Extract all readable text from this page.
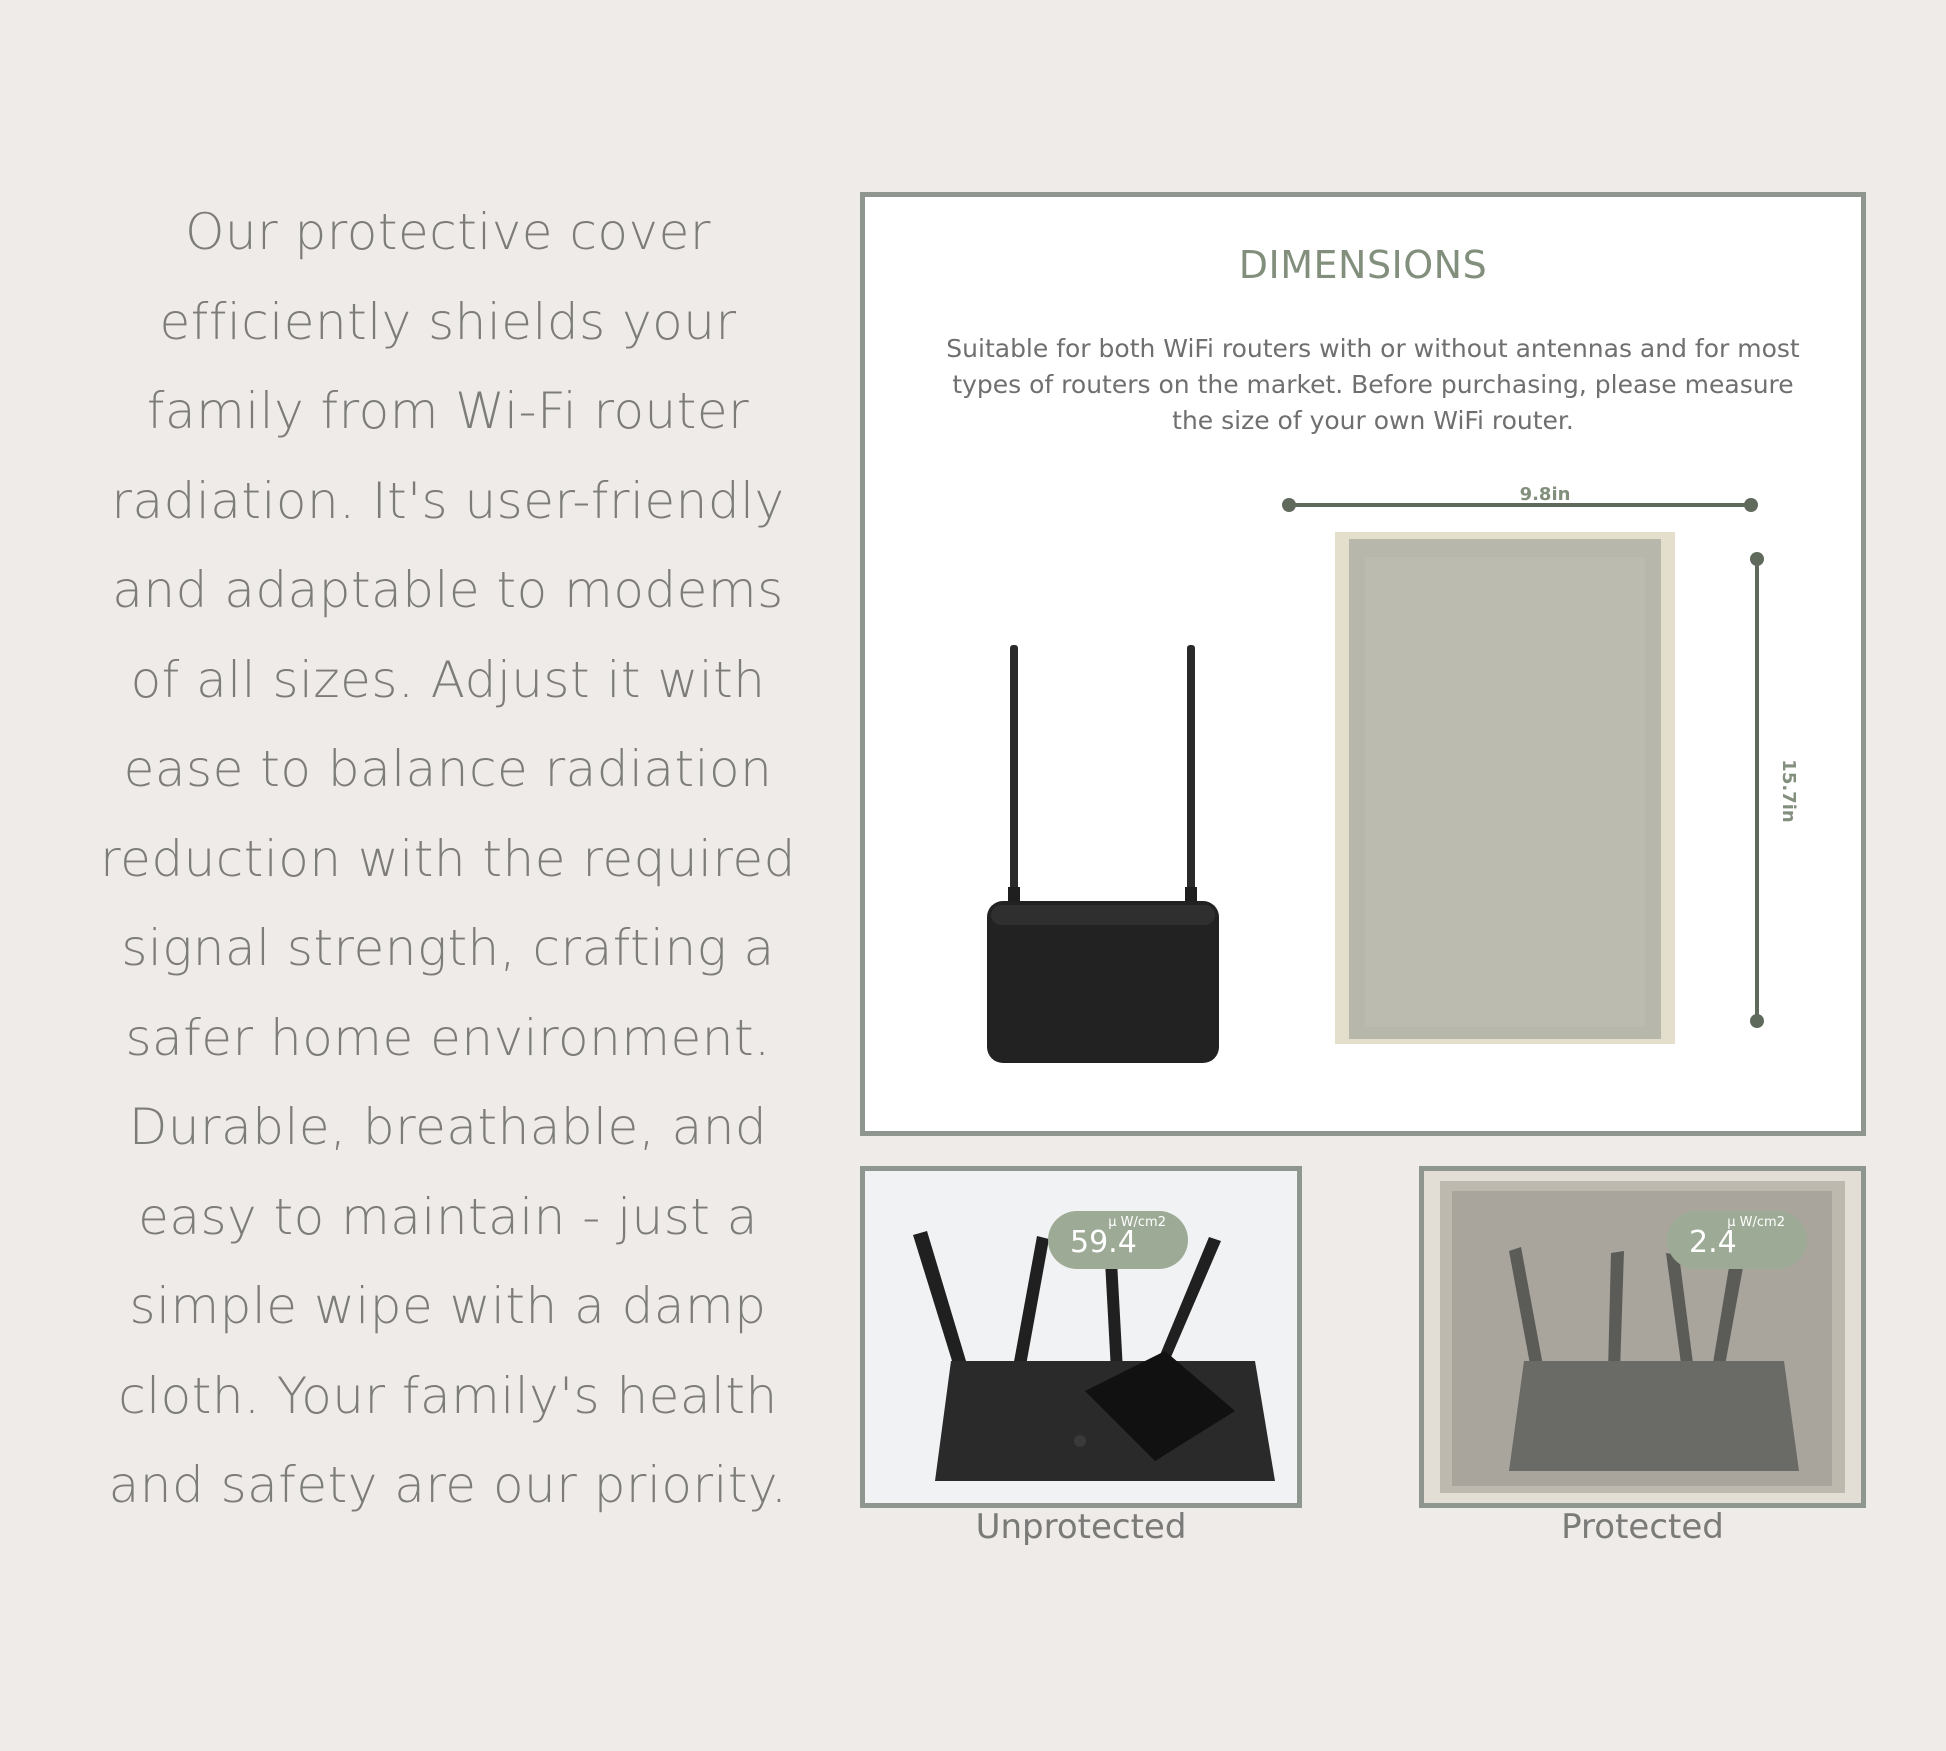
Our protective cover efficiently shields your family from Wi-Fi router radiation. It's user-friendly and adaptable to modems of all sizes. Adjust it with ease to balance radiation reduction with the required signal strength, crafting a safer home environment. Durable, breathable, and easy to maintain - just a simple wipe with a damp cloth. Your family's health and safety are our priority.
DIMENSIONS
Suitable for both WiFi routers with or without antennas and for most types of routers on the market. Before purchasing, please measure the size of your own WiFi router.
9.8in
15.7in
μ W/cm2
59.4
Unprotected
μ W/cm2
2.4
Protected
